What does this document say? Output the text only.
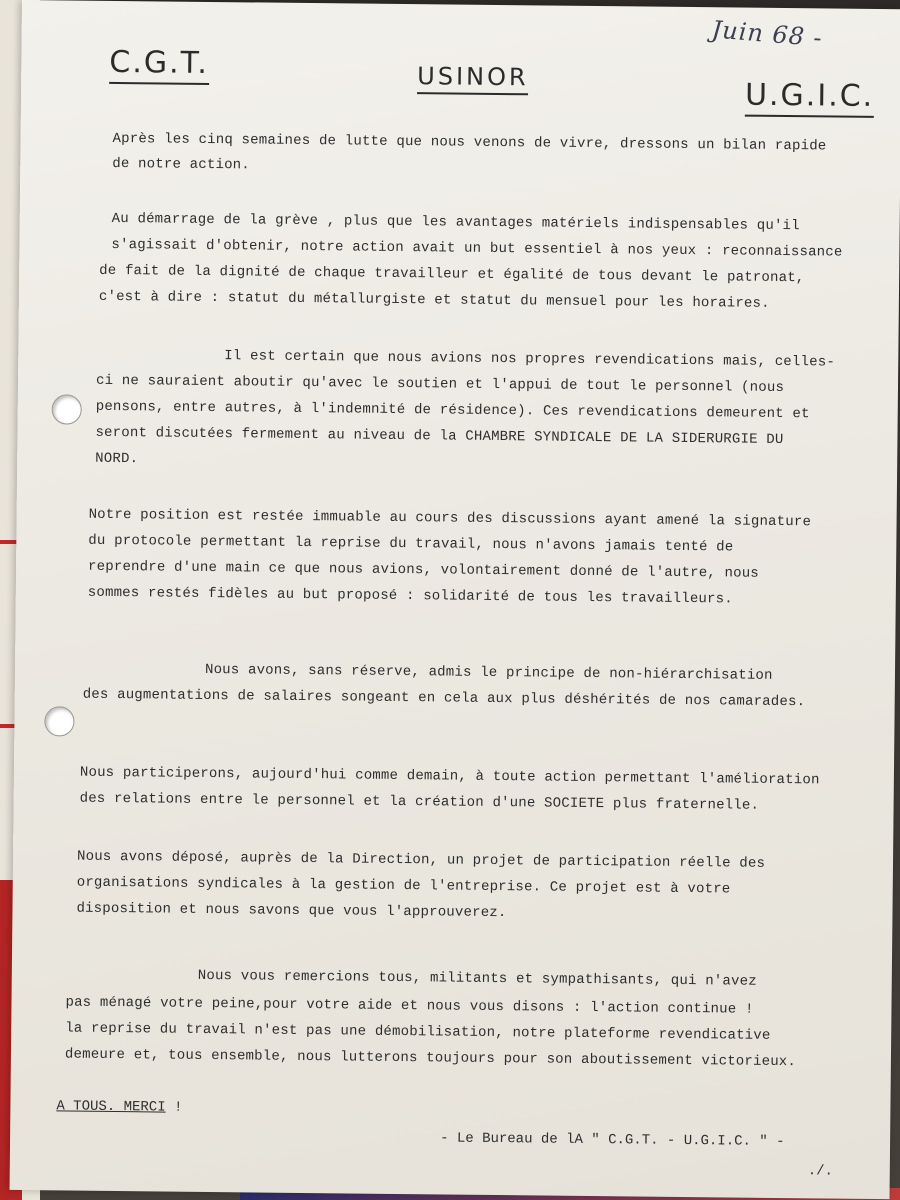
Juin 68 -
C.G.T.	USINOR
U.G.I.C.
Après les cinq semaines de lutte que nous venons de vivre, dressons un bilan rapide
de notre action.
Au démarrage de la grève , plus que les avantages matériels indispensables qu'il
s'agissait d'obtenir, notre action avait un but essentiel à nos yeux : reconnaissance
de fait de la dignité de chaque travailleur et égalité de tous devant le patronat,
c'est à dire : statut du métallurgiste et statut du mensuel pour les horaires.
Il est certain que nous avions nos propres revendications mais, celles-
ci ne sauraient aboutir qu'avec le soutien et l'appui de tout le personnel (nous
pensons, entre autres, à l'indemnité de résidence). Ces revendications demeurent et
seront discutées fermement au niveau de la CHAMBRE SYNDICALE DE LA SIDERURGIE DU
NORD.
Notre position est restée immuable au cours des discussions ayant amené la signature
du protocole permettant la reprise du travail, nous n'avons jamais tenté de
reprendre d'une main ce que nous avions, volontairement donné de l'autre, nous
sommes restés fidèles au but proposé : solidarité de tous les travailleurs.
Nous avons, sans réserve, admis le principe de non-hiérarchisation
des augmentations de salaires songeant en cela aux plus déshérités de nos camarades.
Nous participerons, aujourd'hui comme demain, à toute action permettant l'amélioration
des relations entre le personnel et la création d'une SOCIETE plus fraternelle.
Nous avons déposé, auprès de la Direction, un projet de participation réelle des
organisations syndicales à la gestion de l'entreprise. Ce projet est à votre
disposition et nous savons que vous l'approuverez.
Nous vous remercions tous, militants et sympathisants, qui n'avez
pas ménagé votre peine,pour votre aide et nous vous disons : l'action continue !
la reprise du travail n'est pas une démobilisation, notre plateforme revendicative
demeure et, tous ensemble, nous lutterons toujours pour son aboutissement victorieux.
A TOUS. MERCI !
- Le Bureau de lA " C.G.T. - U.G.I.C. " -
./.
